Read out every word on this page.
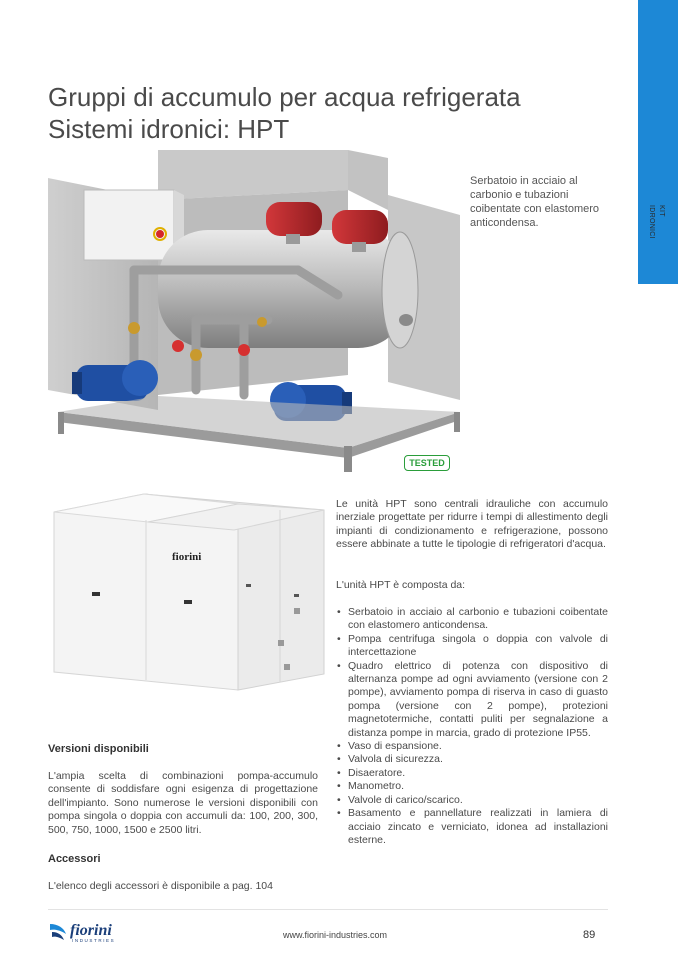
Gruppi di accumulo per acqua refrigerata
Sistemi idronici: HPT
KIT
IDRONICI
Serbatoio in acciaio al carbonio e tubazioni coibentate con elastomero anticondensa.
TESTED
fiorini
Le unità HPT sono centrali idrauliche con accumulo inerziale progettate per ridurre i tempi di allestimento degli impianti di condizionamento e refrigerazione, possono essere abbinate a tutte le tipologie di refrigeratori d'acqua.
L'unità HPT è composta da:
• Serbatoio in acciaio al carbonio e tubazioni coibentate con elastomero anticondensa.
• Pompa centrifuga singola o doppia con valvole di intercettazione
• Quadro elettrico di potenza con dispositivo di alternanza pompe ad ogni avviamento (versione con 2 pompe), avviamento pompa di riserva in caso di guasto pompa (versione con 2 pompe), protezioni magnetotermiche, contatti puliti per segnalazione a distanza pompe in marcia, grado di protezione IP55.
• Vaso di espansione.
• Valvola di sicurezza.
• Disaeratore.
• Manometro.
• Valvole di carico/scarico.
• Basamento e pannellature realizzati in lamiera di acciaio zincato e verniciato, idonea ad installazioni esterne.
Versioni disponibili
L'ampia scelta di combinazioni pompa-accumulo consente di soddisfare ogni esigenza di progettazione dell'impianto. Sono numerose le versioni disponibili con pompa singola o doppia con accumuli da: 100, 200, 300, 500, 750, 1000, 1500 e 2500 litri.
Accessori
L'elenco degli accessori è disponibile a pag. 104
fiorini
INDUSTRIES
www.fiorini-industries.com	89
